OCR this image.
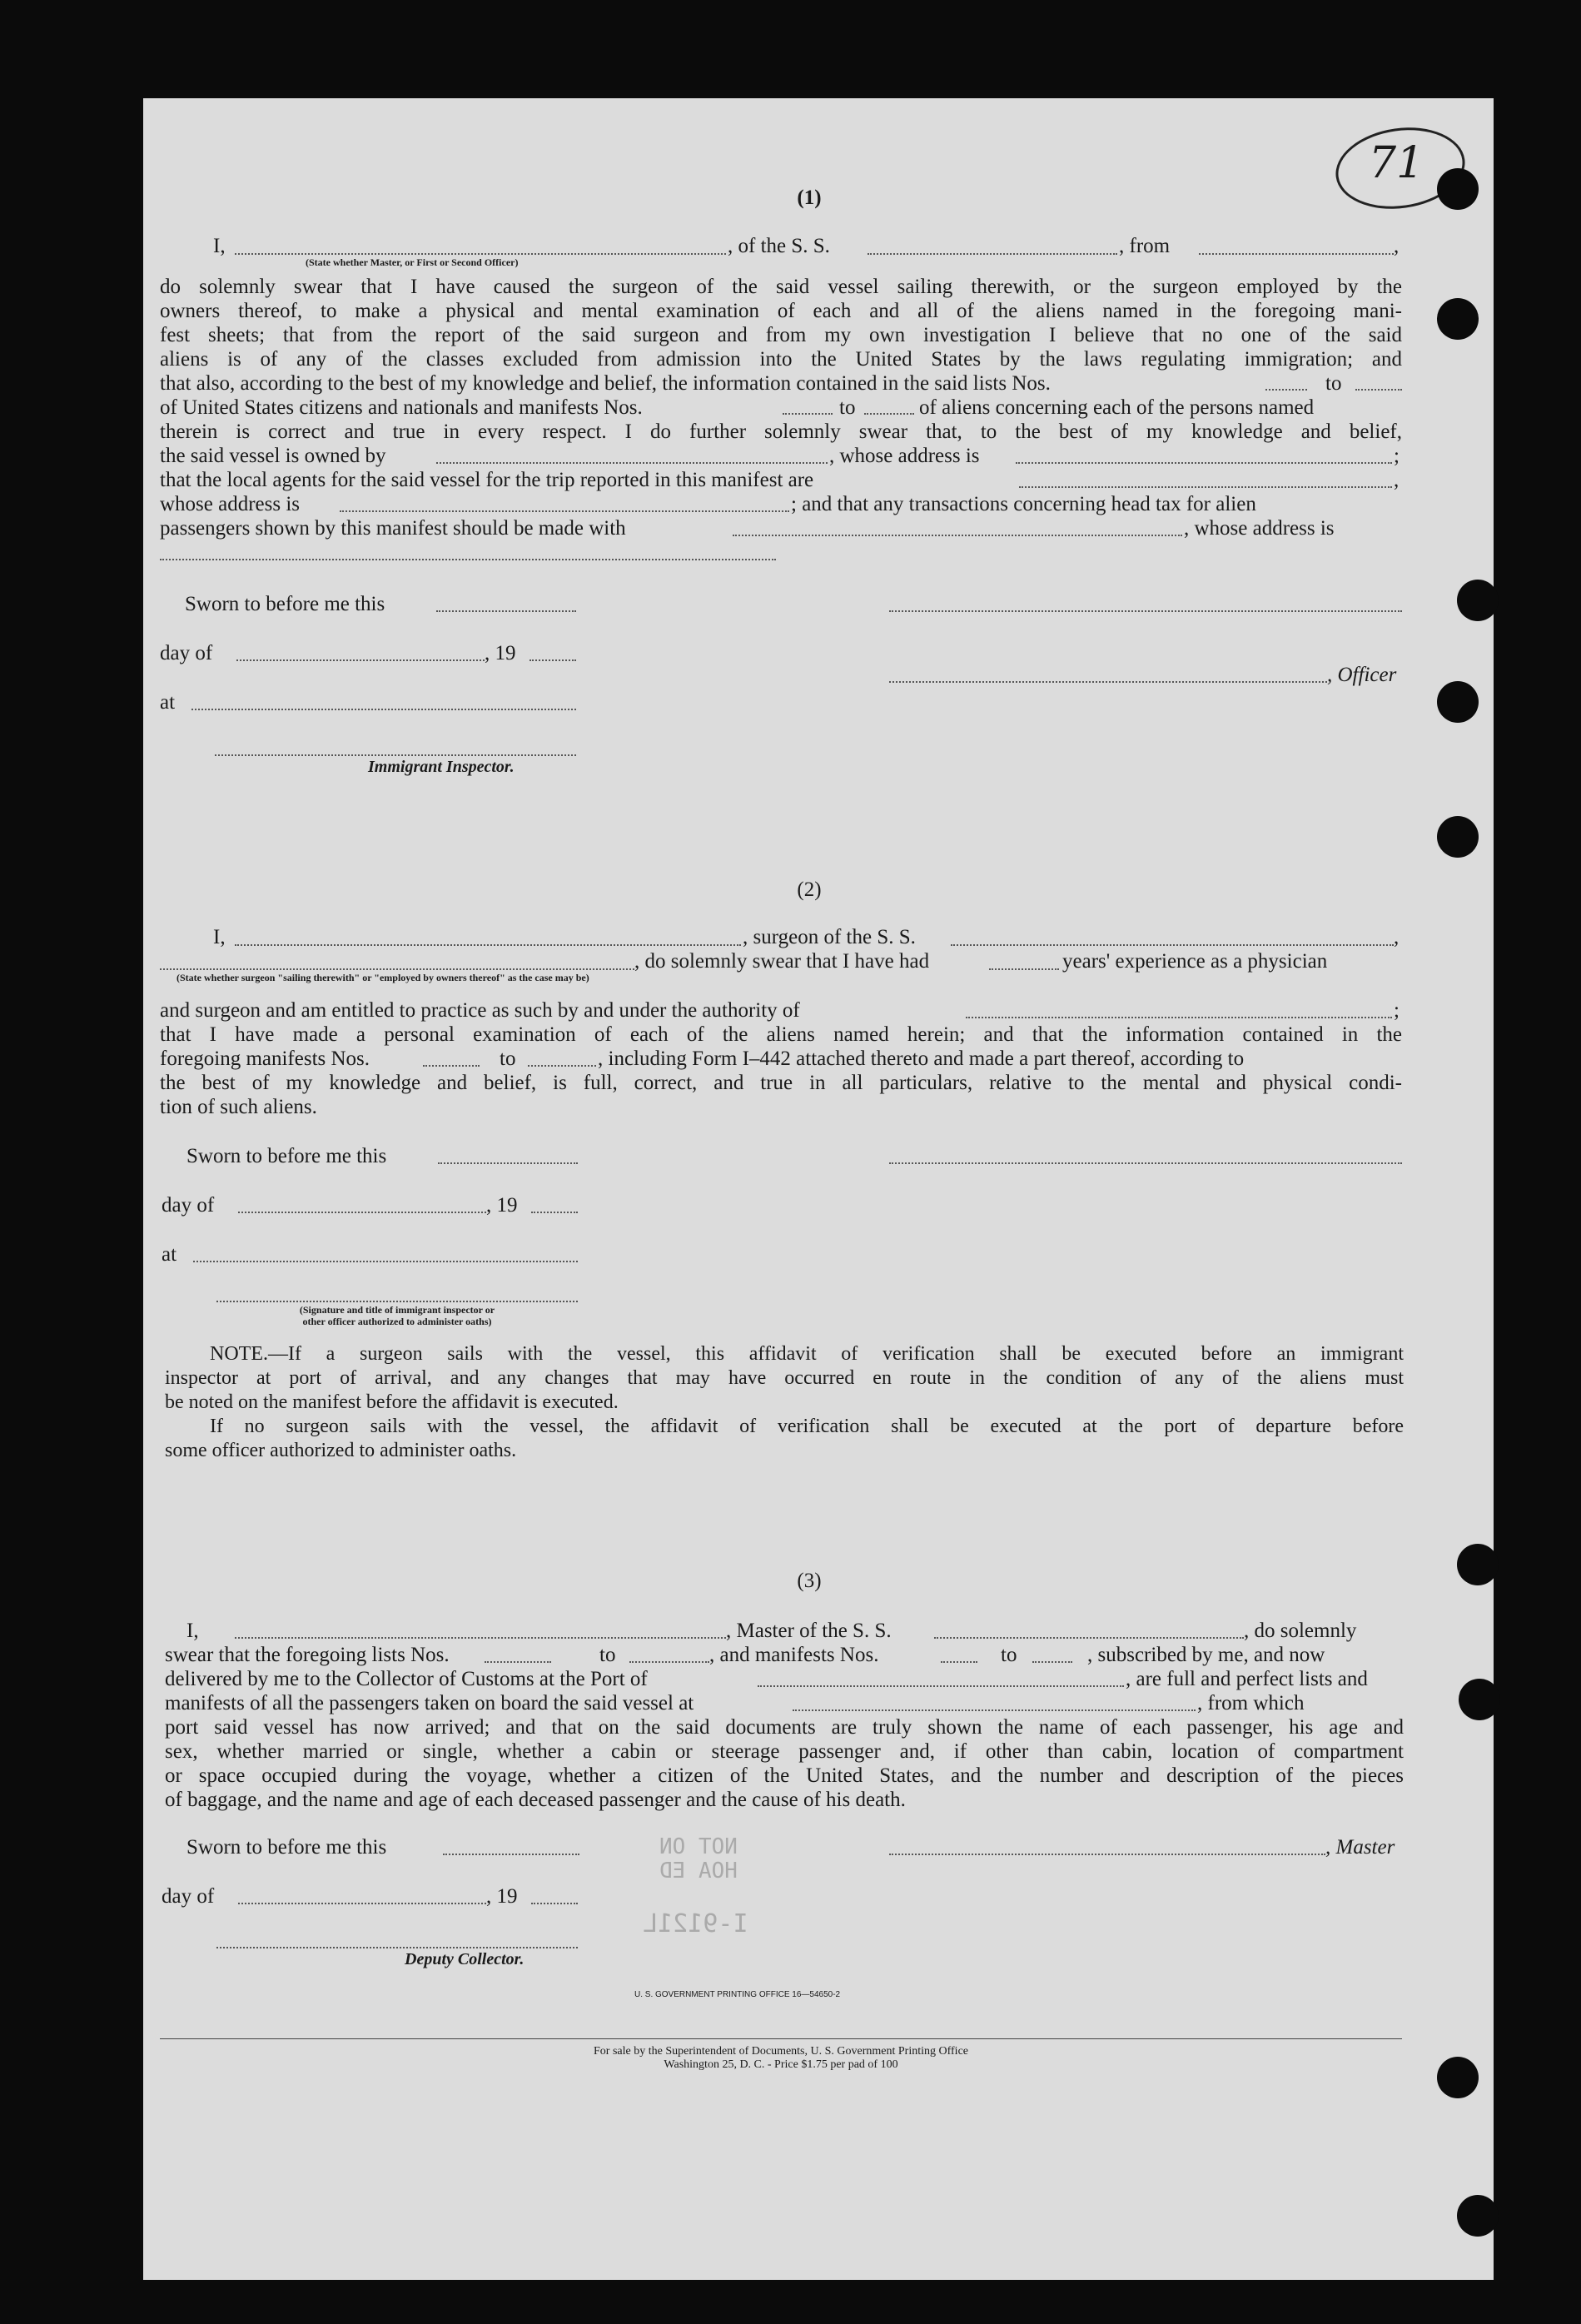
71
(1)
I,	, of the S. S.	, from	,
(State whether Master, or First or Second Officer)
do solemnly swear that I have caused the surgeon of the said vessel sailing therewith, or the surgeon employed by the
owners thereof, to make a physical and mental examination of each and all of the aliens named in the foregoing mani-
fest sheets; that from the report of the said surgeon and from my own investigation I believe that no one of the said
aliens is of any of the classes excluded from admission into the United States by the laws regulating immigration; and
that also, according to the best of my knowledge and belief, the information contained in the said lists Nos.	to
of United States citizens and nationals and manifests Nos.	to	of aliens concerning each of the persons named
therein is correct and true in every respect. I do further solemnly swear that, to the best of my knowledge and belief,
the said vessel is owned by	, whose address is	;
that the local agents for the said vessel for the trip reported in this manifest are	,
whose address is	; and that any transactions concerning head tax for alien
passengers shown by this manifest should be made with	, whose address is
Sworn to before me this
day of	, 19
, Officer
at
Immigrant Inspector.
(2)
I,	, surgeon of the S. S.	,
, do solemnly swear that I have had	years' experience as a physician
(State whether surgeon "sailing therewith" or "employed by owners thereof" as the case may be)
and surgeon and am entitled to practice as such by and under the authority of	;
that I have made a personal examination of each of the aliens named herein; and that the information contained in the
foregoing manifests Nos.	to	, including Form I–442 attached thereto and made a part thereof, according to
the best of my knowledge and belief, is full, correct, and true in all particulars, relative to the mental and physical condi-
tion of such aliens.
Sworn to before me this
day of	, 19
at
(Signature and title of immigrant inspector or
other officer authorized to administer oaths)
NOTE.—If a surgeon sails with the vessel, this affidavit of verification shall be executed before an immigrant
inspector at port of arrival, and any changes that may have occurred en route in the condition of any of the aliens must
be noted on the manifest before the affidavit is executed.
If no surgeon sails with the vessel, the affidavit of verification shall be executed at the port of departure before
some officer authorized to administer oaths.
(3)
I,	, Master of the S. S.	, do solemnly
swear that the foregoing lists Nos.	to	, and manifests Nos.	to	, subscribed by me, and now
delivered by me to the Collector of Customs at the Port of	, are full and perfect lists and
manifests of all the passengers taken on board the said vessel at	, from which
port said vessel has now arrived; and that on the said documents are truly shown the name of each passenger, his age and
sex, whether married or single, whether a cabin or steerage passenger and, if other than cabin, location of compartment
or space occupied during the voyage, whether a citizen of the United States, and the number and description of the pieces
of baggage, and the name and age of each deceased passenger and the cause of his death.
Sworn to before me this	, Master
day of	, 19
Deputy Collector.
NOT ON
HOA ED
I-9121L
U. S. GOVERNMENT PRINTING OFFICE 16—54650-2
For sale by the Superintendent of Documents, U. S. Government Printing Office
Washington 25, D. C. - Price $1.75 per pad of 100
